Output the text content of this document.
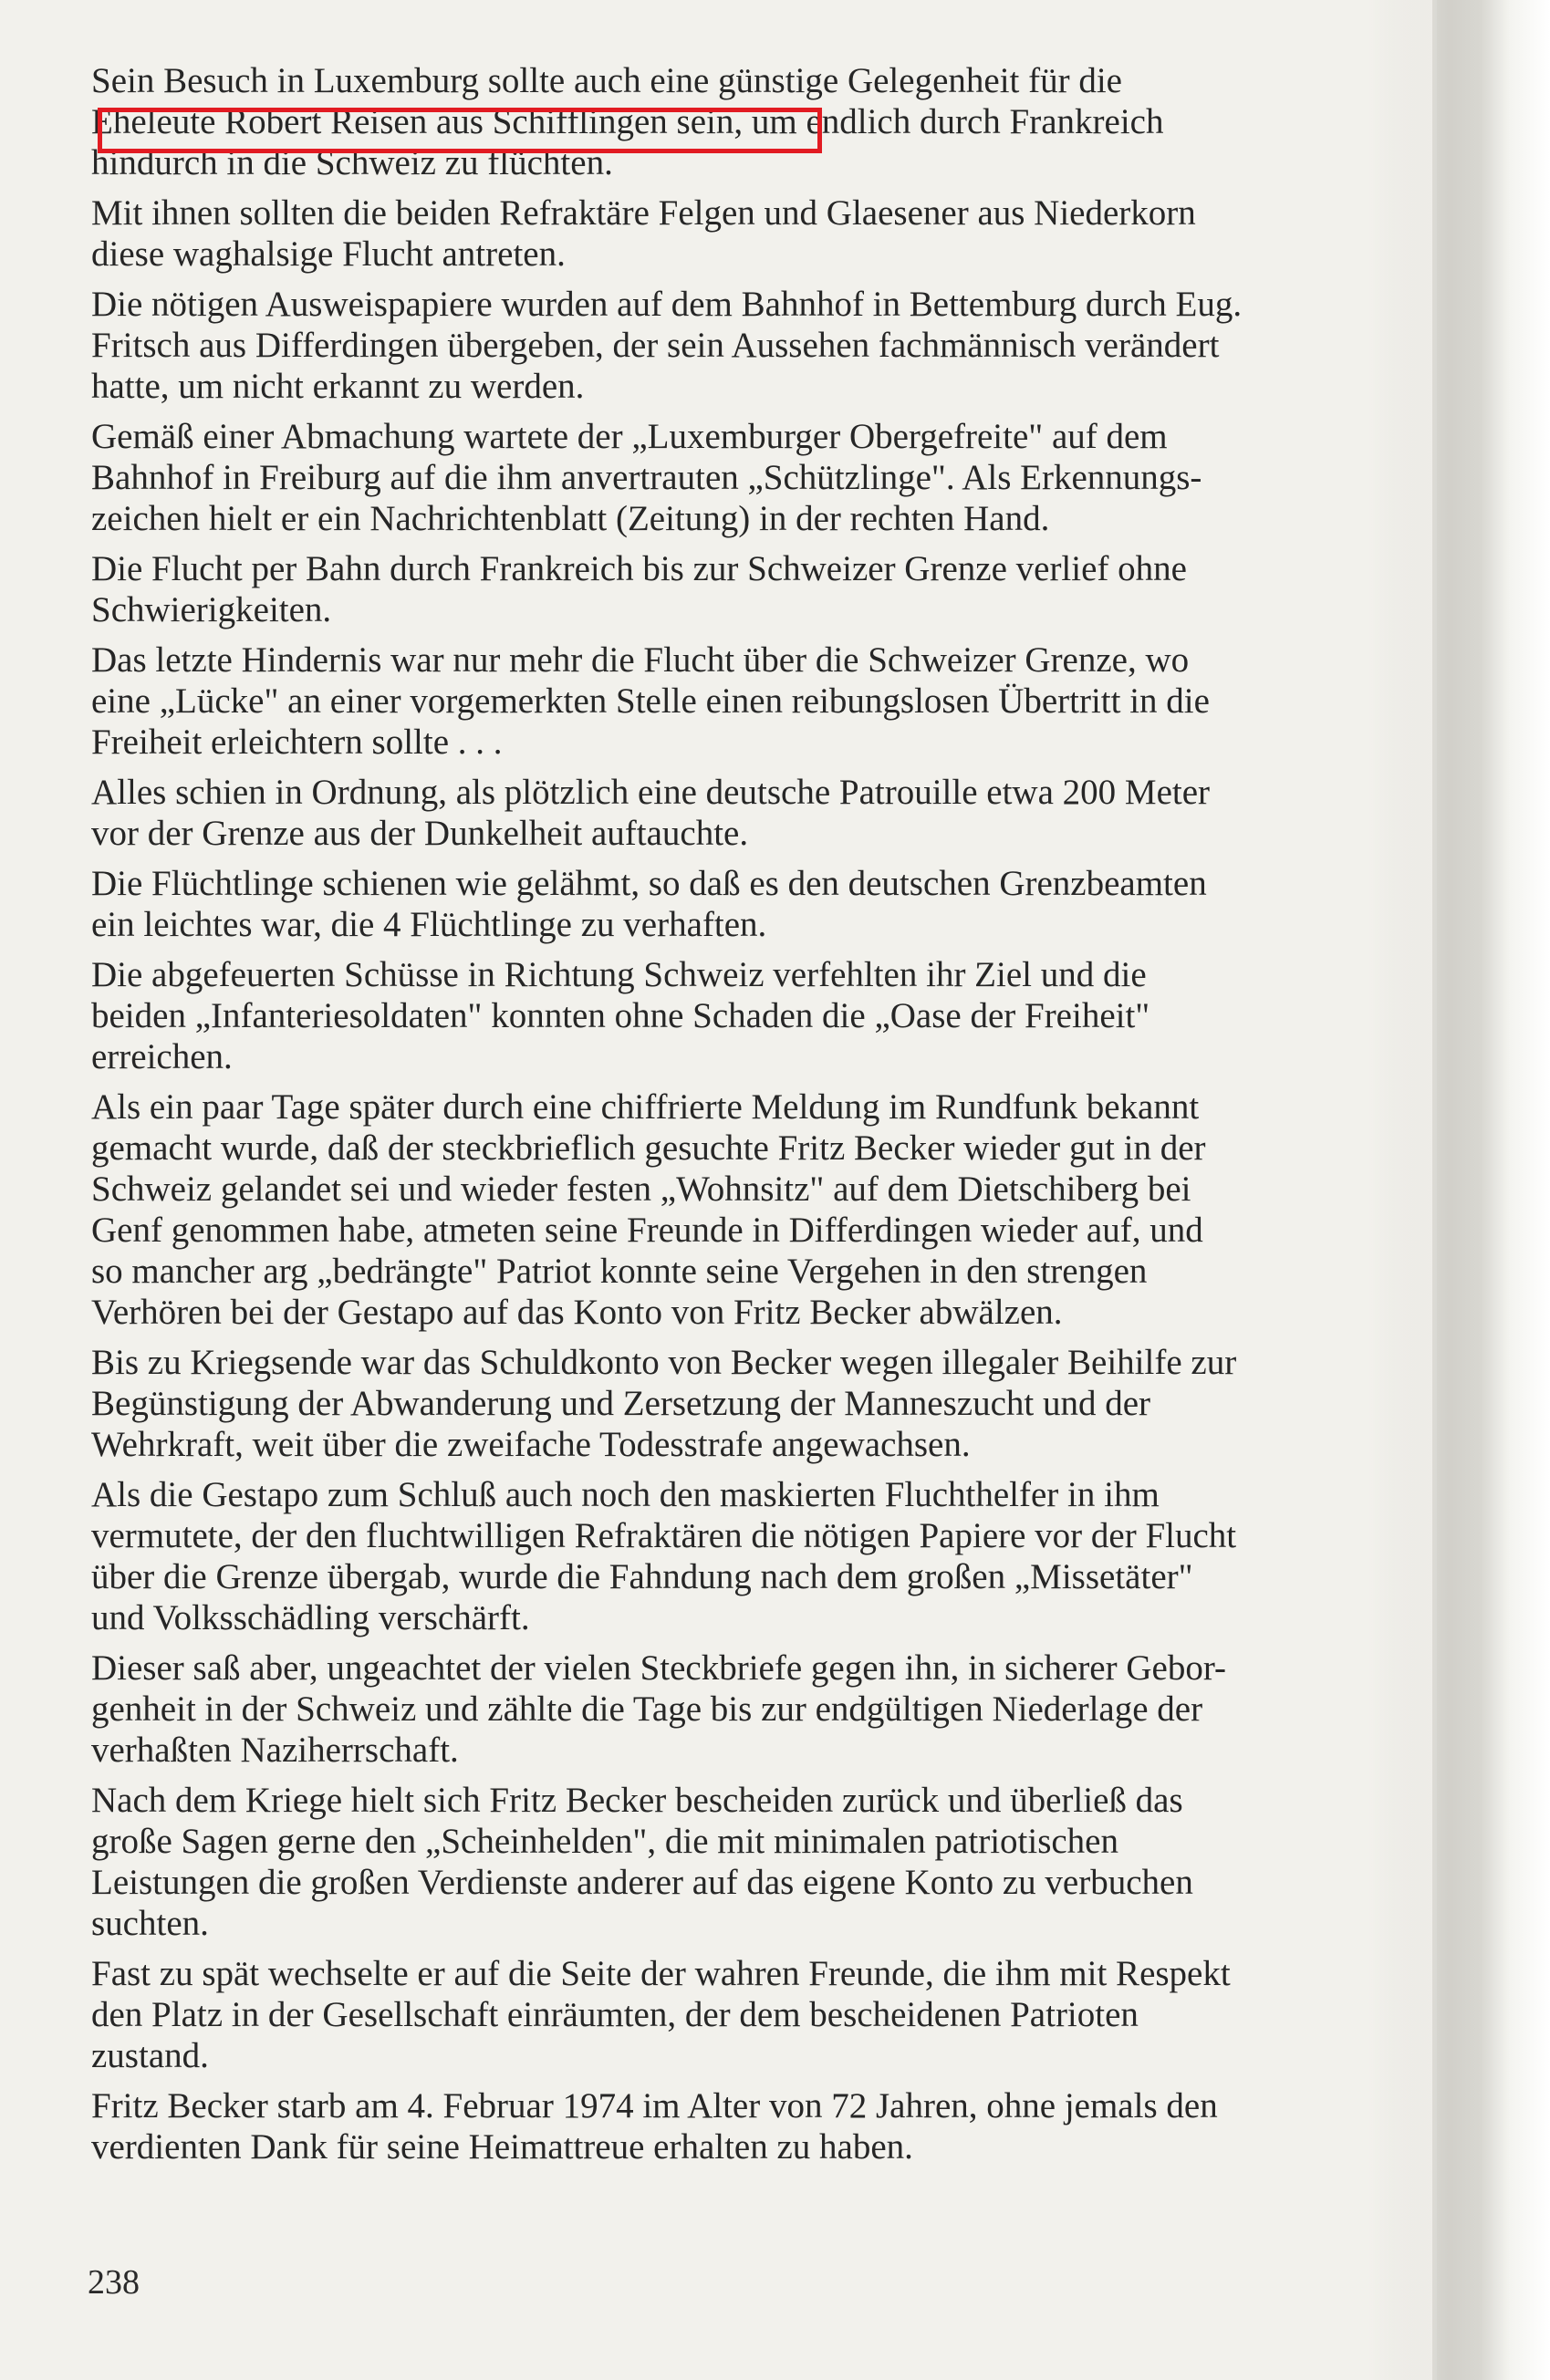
Sein Besuch in Luxemburg sollte auch eine günstige Gelegenheit für die
Eheleute Robert Reisen aus Schifflingen sein, um endlich durch Frankreich
hindurch in die Schweiz zu flüchten.

Mit ihnen sollten die beiden Refraktäre Felgen und Glaesener aus Niederkorn
diese waghalsige Flucht antreten.

Die nötigen Ausweispapiere wurden auf dem Bahnhof in Bettemburg durch Eug.
Fritsch aus Differdingen übergeben, der sein Aussehen fachmännisch verändert
hatte, um nicht erkannt zu werden.

Gemäß einer Abmachung wartete der „Luxemburger Obergefreite" auf dem
Bahnhof in Freiburg auf die ihm anvertrauten „Schützlinge". Als Erkennungs-
zeichen hielt er ein Nachrichtenblatt (Zeitung) in der rechten Hand.

Die Flucht per Bahn durch Frankreich bis zur Schweizer Grenze verlief ohne
Schwierigkeiten.

Das letzte Hindernis war nur mehr die Flucht über die Schweizer Grenze, wo
eine „Lücke" an einer vorgemerkten Stelle einen reibungslosen Übertritt in die
Freiheit erleichtern sollte . . .

Alles schien in Ordnung, als plötzlich eine deutsche Patrouille etwa 200 Meter
vor der Grenze aus der Dunkelheit auftauchte.

Die Flüchtlinge schienen wie gelähmt, so daß es den deutschen Grenzbeamten
ein leichtes war, die 4 Flüchtlinge zu verhaften.

Die abgefeuerten Schüsse in Richtung Schweiz verfehlten ihr Ziel und die
beiden „Infanteriesoldaten" konnten ohne Schaden die „Oase der Freiheit"
erreichen.

Als ein paar Tage später durch eine chiffrierte Meldung im Rundfunk bekannt
gemacht wurde, daß der steckbrieflich gesuchte Fritz Becker wieder gut in der
Schweiz gelandet sei und wieder festen „Wohnsitz" auf dem Dietschiberg bei
Genf genommen habe, atmeten seine Freunde in Differdingen wieder auf, und
so mancher arg „bedrängte" Patriot konnte seine Vergehen in den strengen
Verhören bei der Gestapo auf das Konto von Fritz Becker abwälzen.

Bis zu Kriegsende war das Schuldkonto von Becker wegen illegaler Beihilfe zur
Begünstigung der Abwanderung und Zersetzung der Manneszucht und der
Wehrkraft, weit über die zweifache Todesstrafe angewachsen.

Als die Gestapo zum Schluß auch noch den maskierten Fluchthelfer in ihm
vermutete, der den fluchtwilligen Refraktären die nötigen Papiere vor der Flucht
über die Grenze übergab, wurde die Fahndung nach dem großen „Missetäter"
und Volksschädling verschärft.

Dieser saß aber, ungeachtet der vielen Steckbriefe gegen ihn, in sicherer Gebor-
genheit in der Schweiz und zählte die Tage bis zur endgültigen Niederlage der
verhaßten Naziherrschaft.

Nach dem Kriege hielt sich Fritz Becker bescheiden zurück und überließ das
große Sagen gerne den „Scheinhelden", die mit minimalen patriotischen
Leistungen die großen Verdienste anderer auf das eigene Konto zu verbuchen
suchten.

Fast zu spät wechselte er auf die Seite der wahren Freunde, die ihm mit Respekt
den Platz in der Gesellschaft einräumten, der dem bescheidenen Patrioten
zustand.

Fritz Becker starb am 4. Februar 1974 im Alter von 72 Jahren, ohne jemals den
verdienten Dank für seine Heimattreue erhalten zu haben.

238
